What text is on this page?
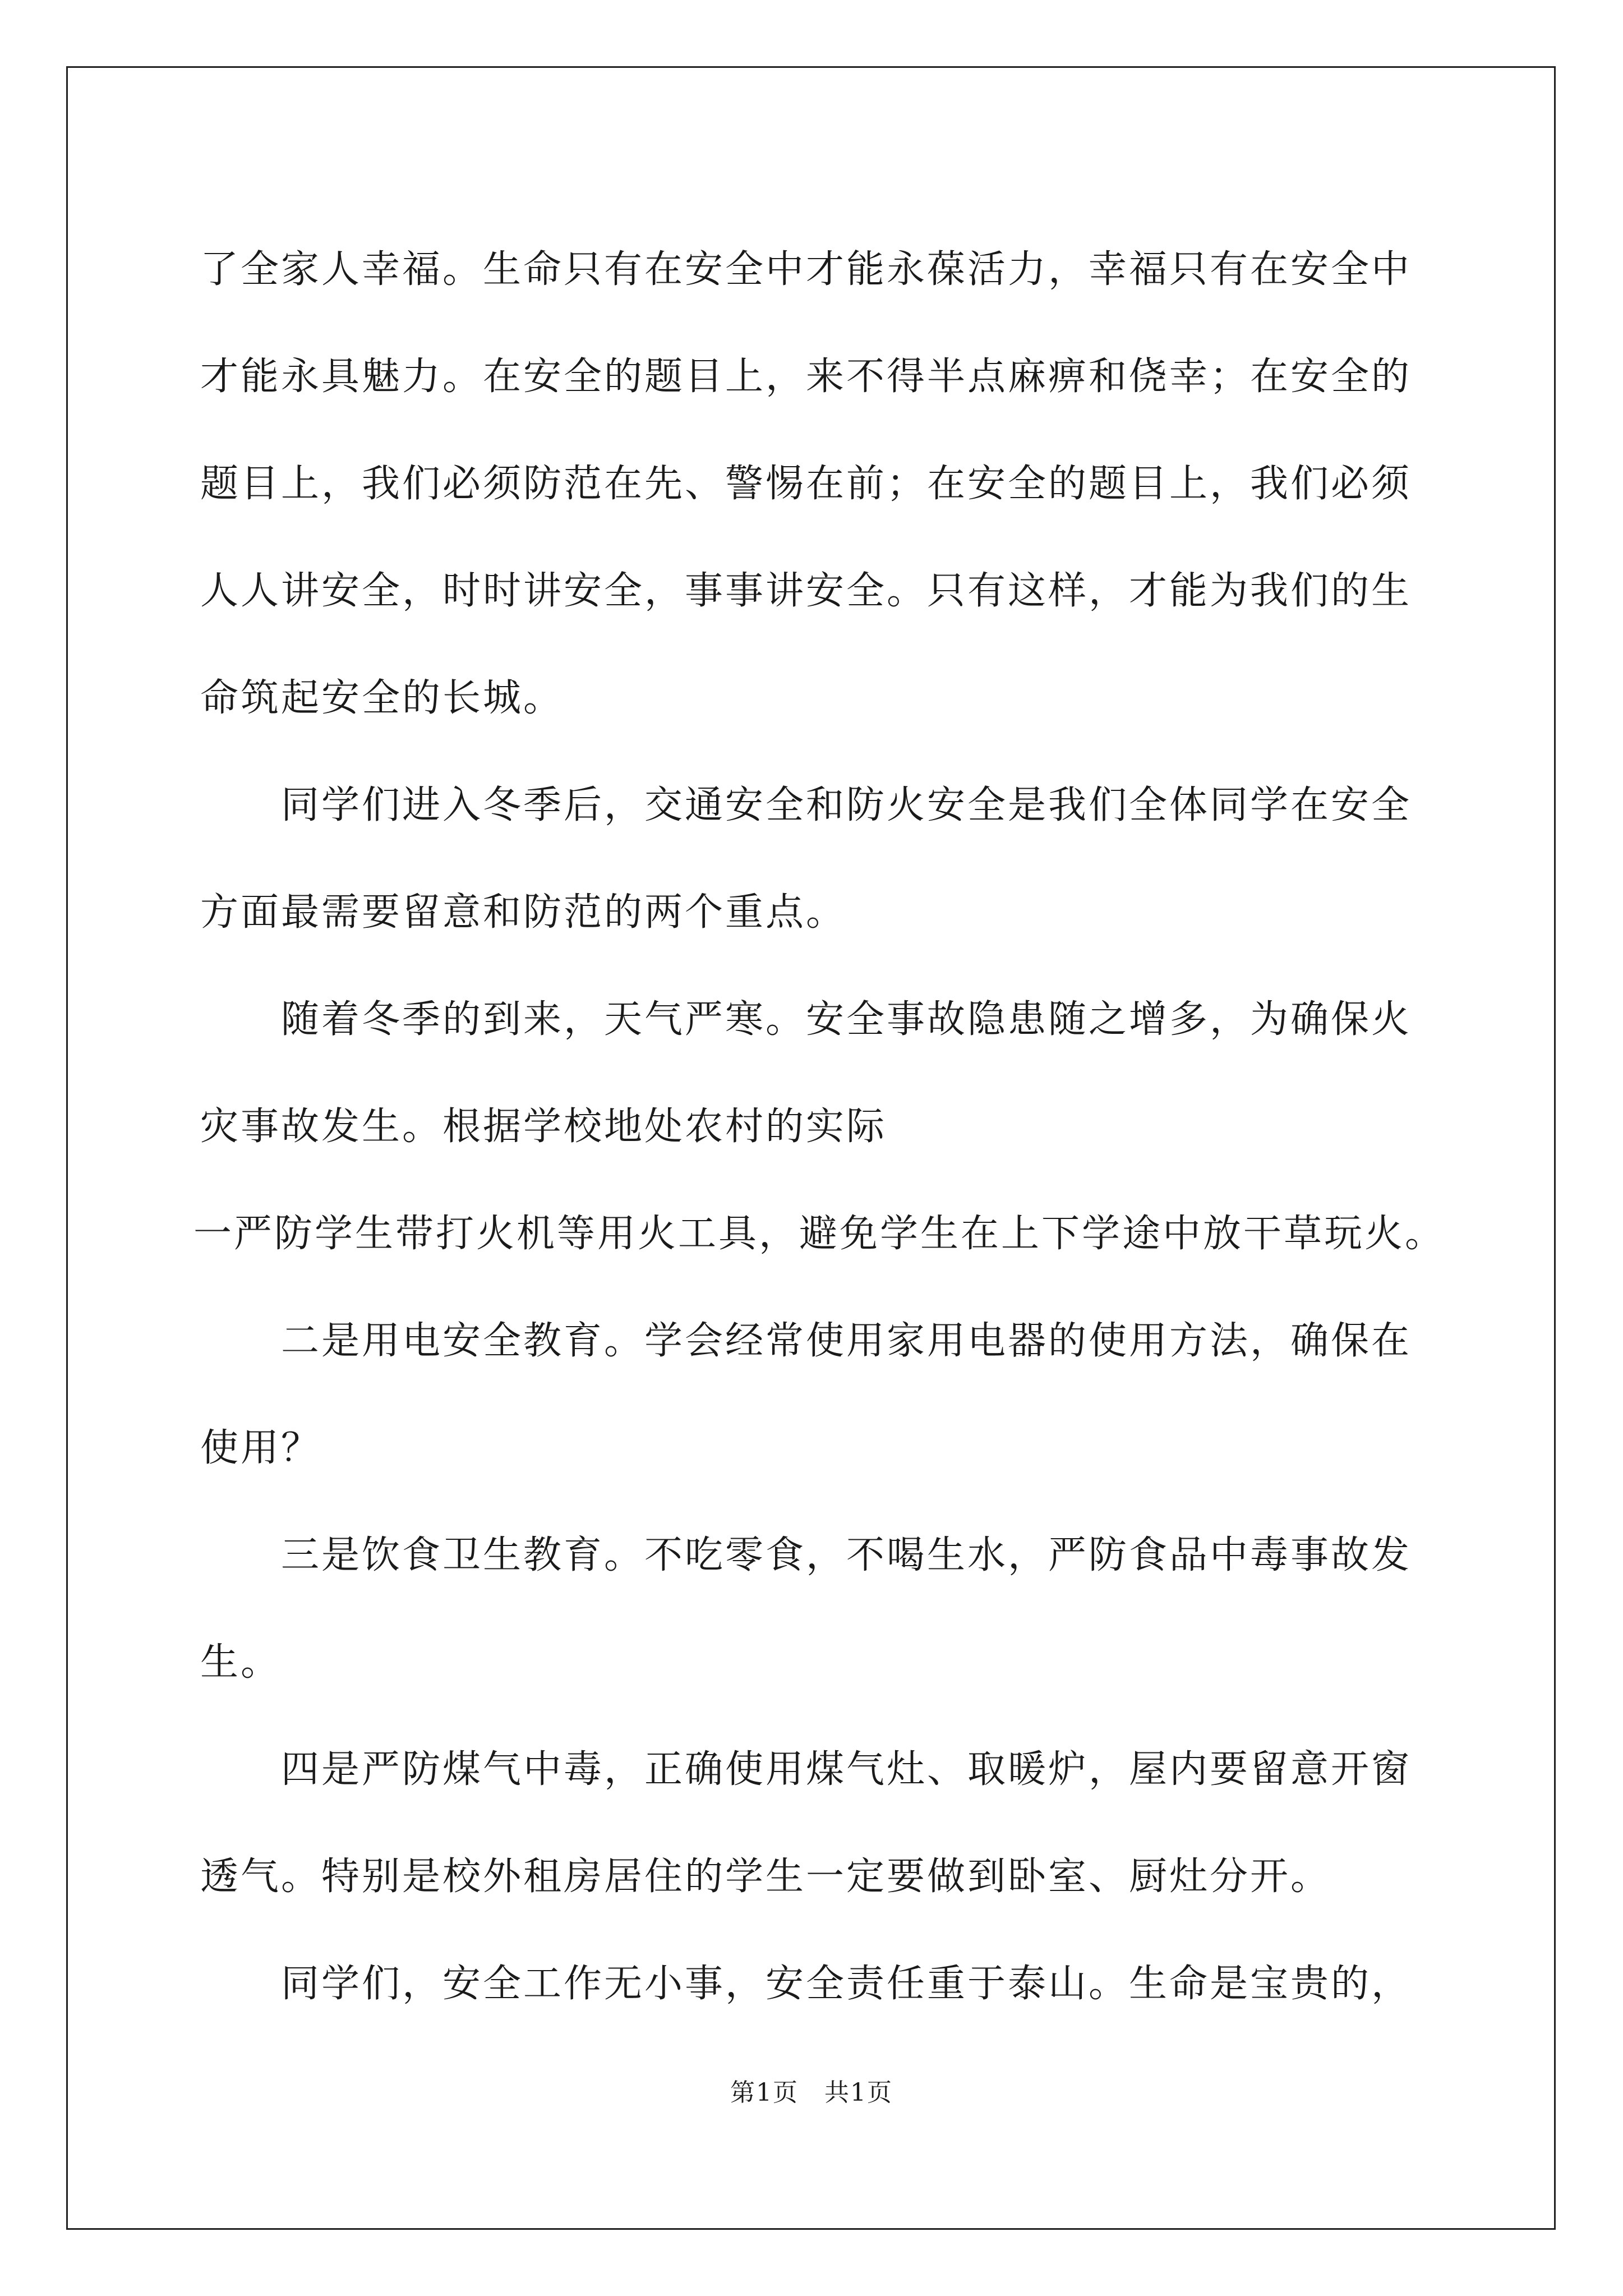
了全家人幸福。生命只有在安全中才能永葆活力，幸福只有在安全中
才能永具魅力。在安全的题目上，来不得半点麻痹和侥幸；在安全的
题目上，我们必须防范在先、警惕在前；在安全的题目上，我们必须
人人讲安全，时时讲安全，事事讲安全。只有这样，才能为我们的生
命筑起安全的长城。
同学们进入冬季后，交通安全和防火安全是我们全体同学在安全
方面最需要留意和防范的两个重点。
随着冬季的到来，天气严寒。安全事故隐患随之增多，为确保火
灾事故发生。根据学校地处农村的实际
一严防学生带打火机等用火工具，避免学生在上下学途中放干草玩火。
二是用电安全教育。学会经常使用家用电器的使用方法，确保在
使用？
三是饮食卫生教育。不吃零食，不喝生水，严防食品中毒事故发
生。
四是严防煤气中毒，正确使用煤气灶、取暖炉，屋内要留意开窗
透气。特别是校外租房居住的学生一定要做到卧室、厨灶分开。
同学们，安全工作无小事，安全责任重于泰山。生命是宝贵的，
第1页　共1页
